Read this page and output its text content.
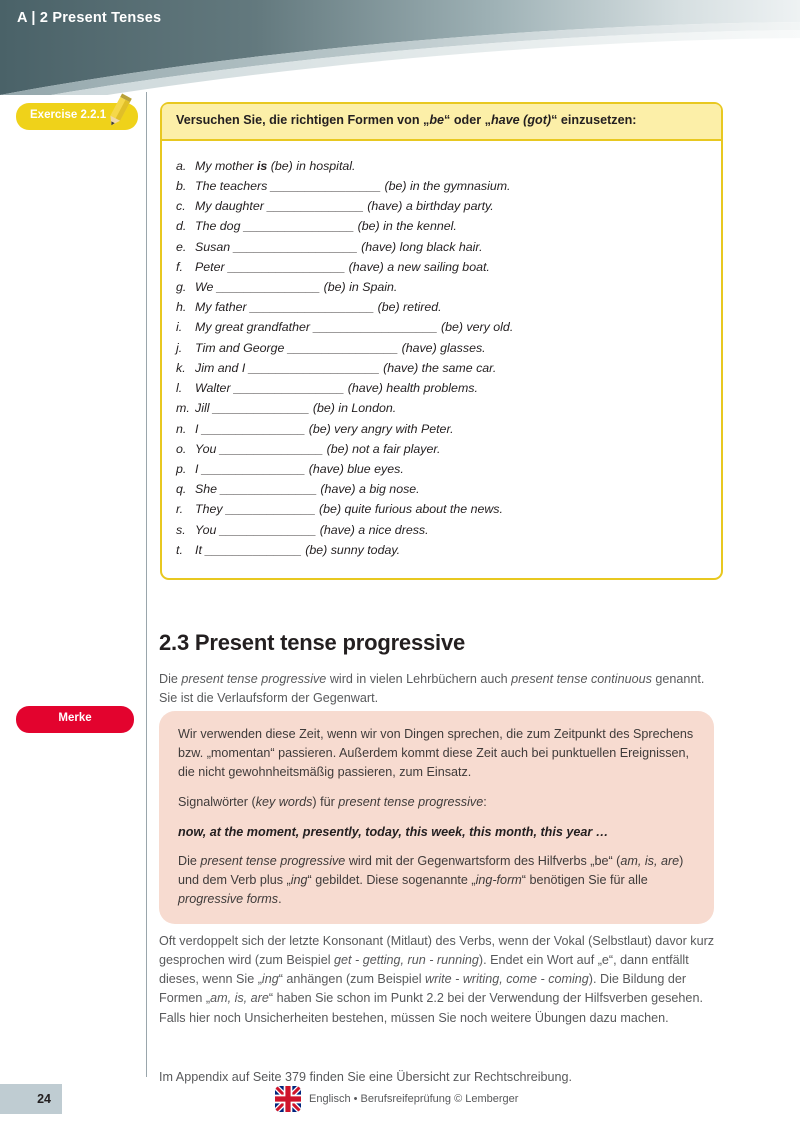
A | 2 Present Tenses
Exercise 2.2.1
Merke
Versuchen Sie, die richtigen Formen von „be“ oder „have (got)“ einzusetzen:
a. My mother is (be) in hospital.
b. The teachers ________________ (be) in the gymnasium.
c. My daughter ______________ (have) a birthday party.
d. The dog ________________ (be) in the kennel.
e. Susan __________________ (have) long black hair.
f. Peter _________________ (have) a new sailing boat.
g. We _______________ (be) in Spain.
h. My father __________________ (be) retired.
i.	My great grandfather __________________ (be) very old.
j.	Tim and George ________________ (have) glasses.
k. Jim and I ___________________ (have) the same car.
l.	Walter ________________ (have) health problems.
m. Jill ______________ (be) in London.
n. I _______________ (be) very angry with Peter.
o. You _______________ (be) not a fair player.
p. I _______________ (have) blue eyes.
q. She ______________ (have) a big nose.
r. They _____________ (be) quite furious about the news.
s. You ______________ (have) a nice dress.
t. It ______________ (be) sunny today.
2.3 Present tense progressive

Die present tense progressive wird in vielen Lehrbüchern auch present tense continuous genannt. Sie ist die Verlaufsform der Gegenwart.

Wir verwenden diese Zeit, wenn wir von Dingen sprechen, die zum Zeitpunkt des Sprechens bzw. „momentan“ passieren. Außerdem kommt diese Zeit auch bei punktuellen Ereignissen, die nicht gewohnheitsmäßig passieren, zum Einsatz.

Signalwörter (key words) für present tense progressive:

now, at the moment, presently, today, this week, this month, this year …

Die present tense progressive wird mit der Gegenwartsform des Hilfverbs „be“ (am, is, are) und dem Verb plus „ing“ gebildet. Diese sogenannte „ing-form“ benötigen Sie für alle progressive forms.

Oft verdoppelt sich der letzte Konsonant (Mitlaut) des Verbs, wenn der Vokal (Selbstlaut) davor kurz gesprochen wird (zum Beispiel get - getting, run - running). Endet ein Wort auf „e“, dann entfällt dieses, wenn Sie „ing“ anhängen (zum Beispiel write - writing, come - coming). Die Bildung der Formen „am, is, are“ haben Sie schon im Punkt 2.2 bei der Verwendung der Hilfsverben gesehen. Falls hier noch Unsicherheiten bestehen, müssen Sie noch weitere Übungen dazu machen.

Im Appendix auf Seite 379 finden Sie eine Übersicht zur Rechtschreibung.

24	Englisch • Berufsreifeprüfung © Lemberger
